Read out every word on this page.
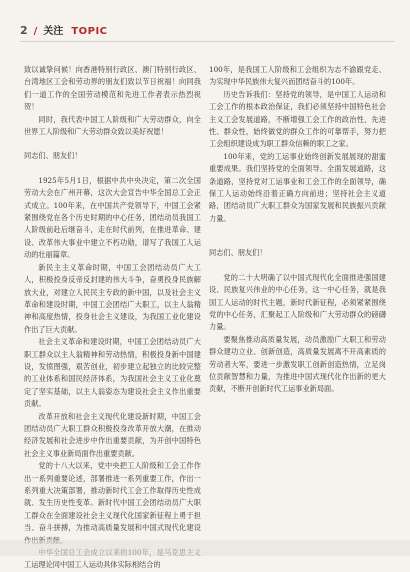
2 / 关注 TOPIC

致以诚挚问候！向香港特别行政区、澳门特别行政区、台湾地区工会和劳动界的朋友们致以节日祝福！向同我们一道工作的全国劳动模范和先进工作者表示热烈祝贺！

同时，我代表中国工人阶级和广大劳动群众，向全世界工人阶级和广大劳动群众致以美好祝愿！

同志们、朋友们！

1925年5月1日，根据中共中央决定，第二次全国劳动大会在广州开幕，这次大会宣告中华全国总工会正式成立。100年来，在中国共产党领导下，中国工会紧紧围绕党在各个历史时期的中心任务，团结动员我国工人阶级前赴后继奋斗，走在时代前列，在推进革命、建设、改革伟大事业中建立不朽功勋，谱写了我国工人运动的壮丽篇章。

新民主主义革命时期，中国工会团结动员广大工人，积极投身反帝反封建的伟大斗争，奋勇投身民族解放大业，对建立人民民主专政的新中国，以及社会主义革命和建设时期，中国工会团结广大职工，以主人翁精神和高度热情，投身社会主义建设，为我国工业化建设作出了巨大贡献。

社会主义革命和建设时期，中国工会团结动员广大职工群众以主人翁精神和劳动热情，积极投身新中国建设，发愤图强，艰苦创业，初步建立起独立的比较完整的工业体系和国民经济体系，为我国社会主义工业化奠定了坚实基础，以主人翁姿态为建设社会主义作出重要贡献。

改革开放和社会主义现代化建设新时期，中国工会团结动员广大职工群众积极投身改革开放大潮，在推动经济发展和社会进步中作出重要贡献，为开创中国特色社会主义事业新局面作出重要贡献。

党的十八大以来，党中央把工人阶级和工会工作作出一系列重要论述，部署推进一系列重要工作，作出一系列重大决策部署，推动新时代工会工作取得历史性成就、发生历史性变革。新时代中国工会团结动员广大职工群众在全面建设社会主义现代化国家新征程上勇于担当、奋斗拼搏，为推动高质量发展和中国式现代化建设

工运理论同中国工人运动具体实际相结合的

100年，是我国工人阶级和工会组织为志不渝跟党走、为实现中华民族伟大复兴而团结奋斗的100年。

历史告诉我们：坚持党的领导，是中国工人运动和工会工作的根本政治保证，我们必须坚持中国特色社会主义工会发展道路，不断增强工会工作的政治性、先进性、群众性，始终做党的群众工作的可靠帮手，努力把工会组织建设成为职工群众信赖的职工之家。

100年来，党的工运事业始终创新发展展现的甜蜜重要成果。我们坚持党的全面领导、全面发展道路，这条道路，坚持党对工运事业和工会工作的全面领导，确保工人运动始终沿着正确方向前进；坚持社会主义道路，团结动员广大职工群众为国家发展和民族振兴贡献力量。

同志们、朋友们！

党的二十大明确了以中国式现代化全面推进强国建设、民族复兴伟业的中心任务，这一中心任务，就是我国工人运动的时代主题，新时代新征程，必须紧紧围绕党的中心任务，汇聚起工人阶级和广大劳动群众的磅礴力量。

要聚焦推动高质量发展，动员激励广大职工和劳动群众建功立业、创新创造，高质量发展离不开高素质的劳动者大军，要进一步激发职工创新创造热情，立足岗位贡献智慧和力量，为推进中国式现代化作出新的更大贡献，不断开创新时代工运事业新局面。
